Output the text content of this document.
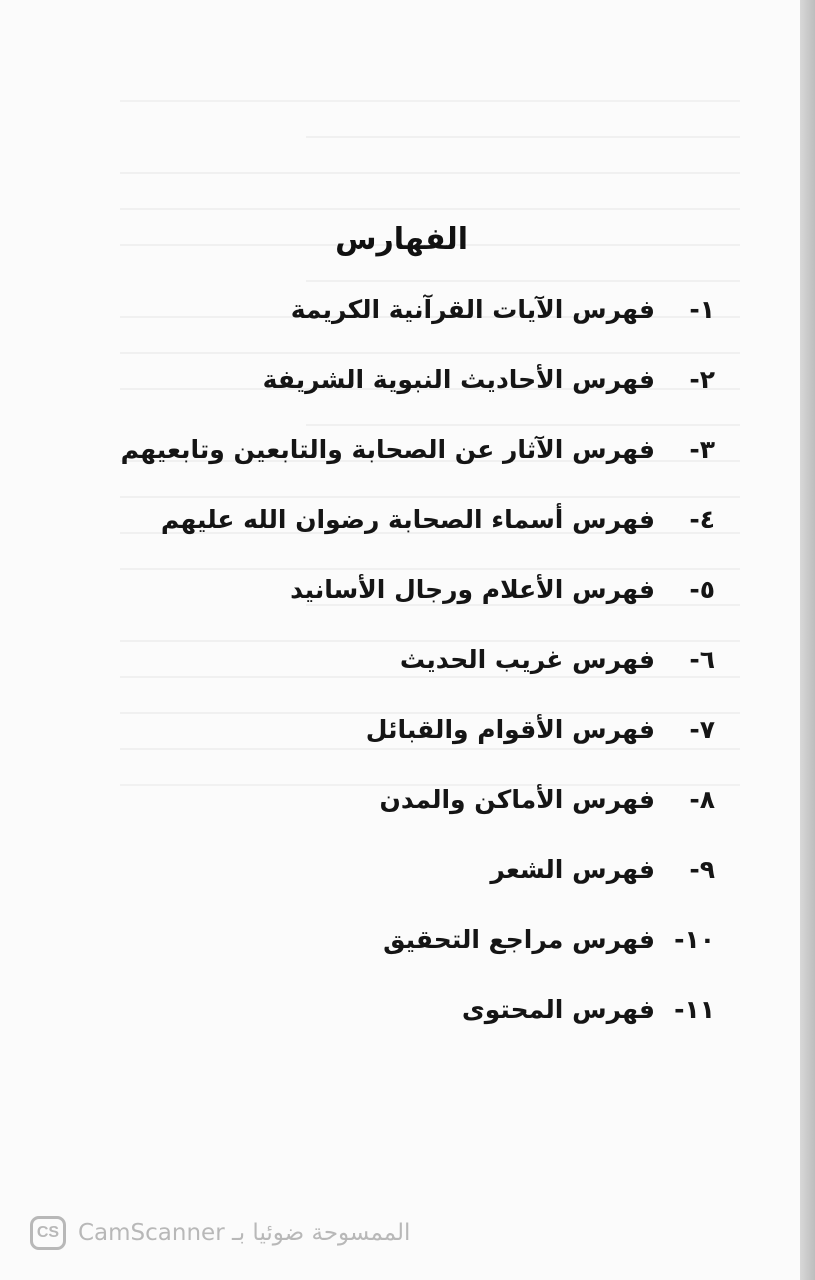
الفهارس
١-فهرس الآيات القرآنية الكريمة
٢-فهرس الأحاديث النبوية الشريفة
٣-فهرس الآثار عن الصحابة والتابعين وتابعيهم
٤-فهرس أسماء الصحابة رضوان الله عليهم
٥-فهرس الأعلام ورجال الأسانيد
٦-فهرس غريب الحديث
٧-فهرس الأقوام والقبائل
٨-فهرس الأماكن والمدن
٩-فهرس الشعر
١٠-فهرس مراجع التحقيق
١١-فهرس المحتوى
CS الممسوحة ضوئيا بـ CamScanner
